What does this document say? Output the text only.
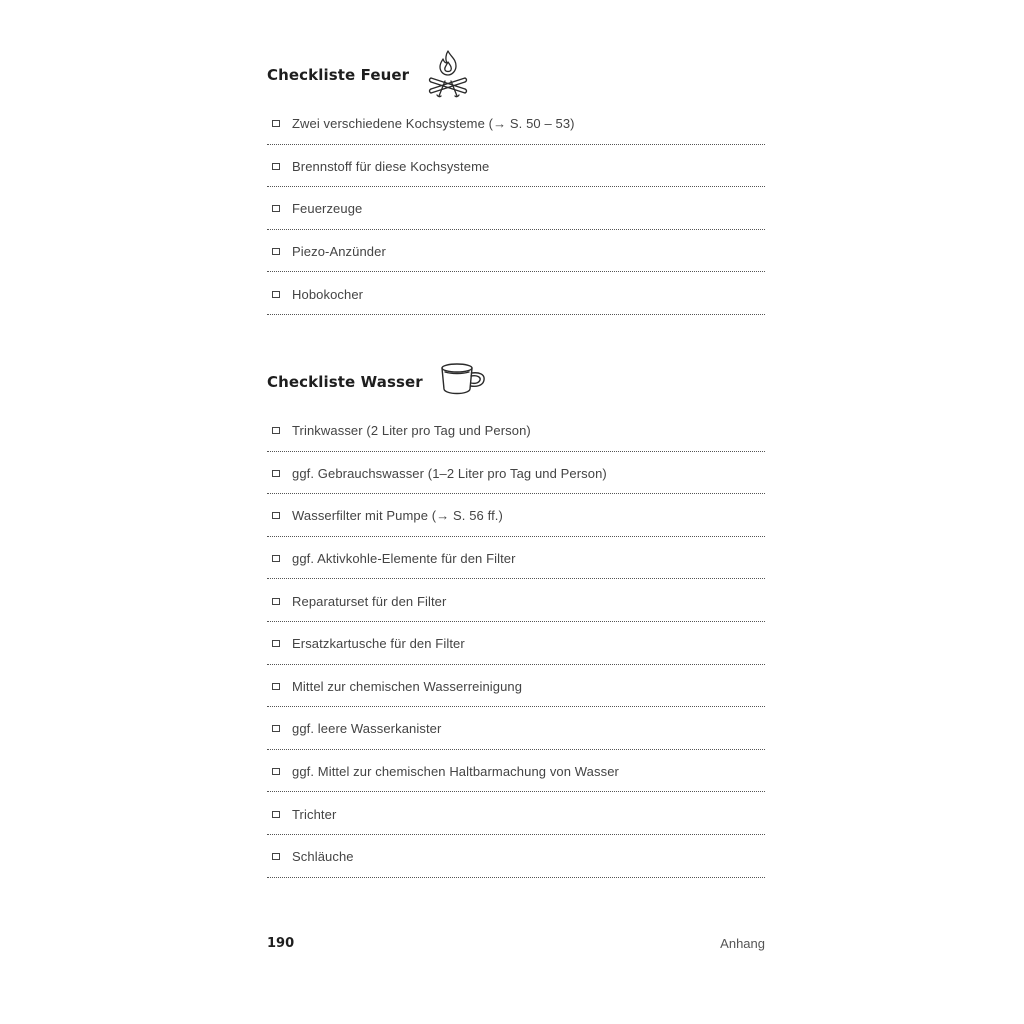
Checkliste Feuer
Zwei verschiedene Kochsysteme (→ S. 50 – 53)
Brennstoff für diese Kochsysteme
Feuerzeuge
Piezo-Anzünder
Hobokocher
Checkliste Wasser
Trinkwasser (2 Liter pro Tag und Person)
ggf. Gebrauchswasser (1–2 Liter pro Tag und Person)
Wasserfilter mit Pumpe (→ S. 56 ff.)
ggf. Aktivkohle-Elemente für den Filter
Reparaturset für den Filter
Ersatzkartusche für den Filter
Mittel zur chemischen Wasserreinigung
ggf. leere Wasserkanister
ggf. Mittel zur chemischen Haltbarmachung von Wasser
Trichter
Schläuche
190	Anhang
